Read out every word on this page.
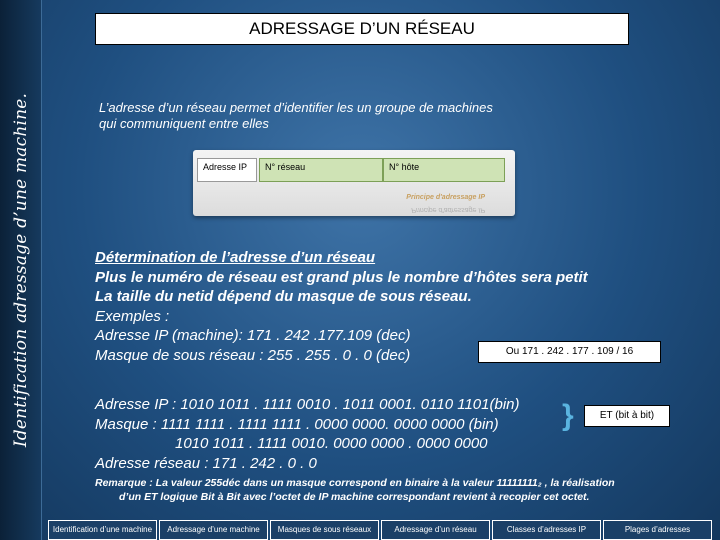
Identification adressage d’une machine.
ADRESSAGE D’UN RÉSEAU
L’adresse d’un réseau permet d’identifier les un groupe de machines
qui communiquent entre elles
Adresse IP	N° réseau	N° hôte
Principe d'adressage IP
Principe d'adressage IP
Détermination de l’adresse d’un réseau
Plus le numéro de réseau est grand plus le nombre d’hôtes sera petit
La taille du netid dépend du masque de sous réseau.
Exemples :
Adresse IP (machine): 171 . 242 .177.109 (dec)
Masque de sous réseau : 255 . 255 . 0 . 0 (dec)	Ou 171 . 242 . 177 . 109 / 16
Adresse IP : 1010 1011 . 1111 0010 . 1011 0001. 0110 1101(bin)
Masque : 1111 1111 . 1111 1111 . 0000 0000. 0000 0000 (bin)
1010 1011 . 1111 0010. 0000 0000 . 0000 0000
Adresse réseau : 171 . 242 . 0 . 0
}	ET (bit à bit)
Remarque : La valeur 255déc dans un masque correspond en binaire à la valeur 11111111₂ , la réalisation
d’un ET logique Bit à Bit avec l’octet de IP machine correspondant revient à recopier cet octet.
Identification d’une machine	Adressage d’une machine	Masques de sous réseaux	Adressage d’un réseau	Classes d’adresses IP	Plages d’adresses
